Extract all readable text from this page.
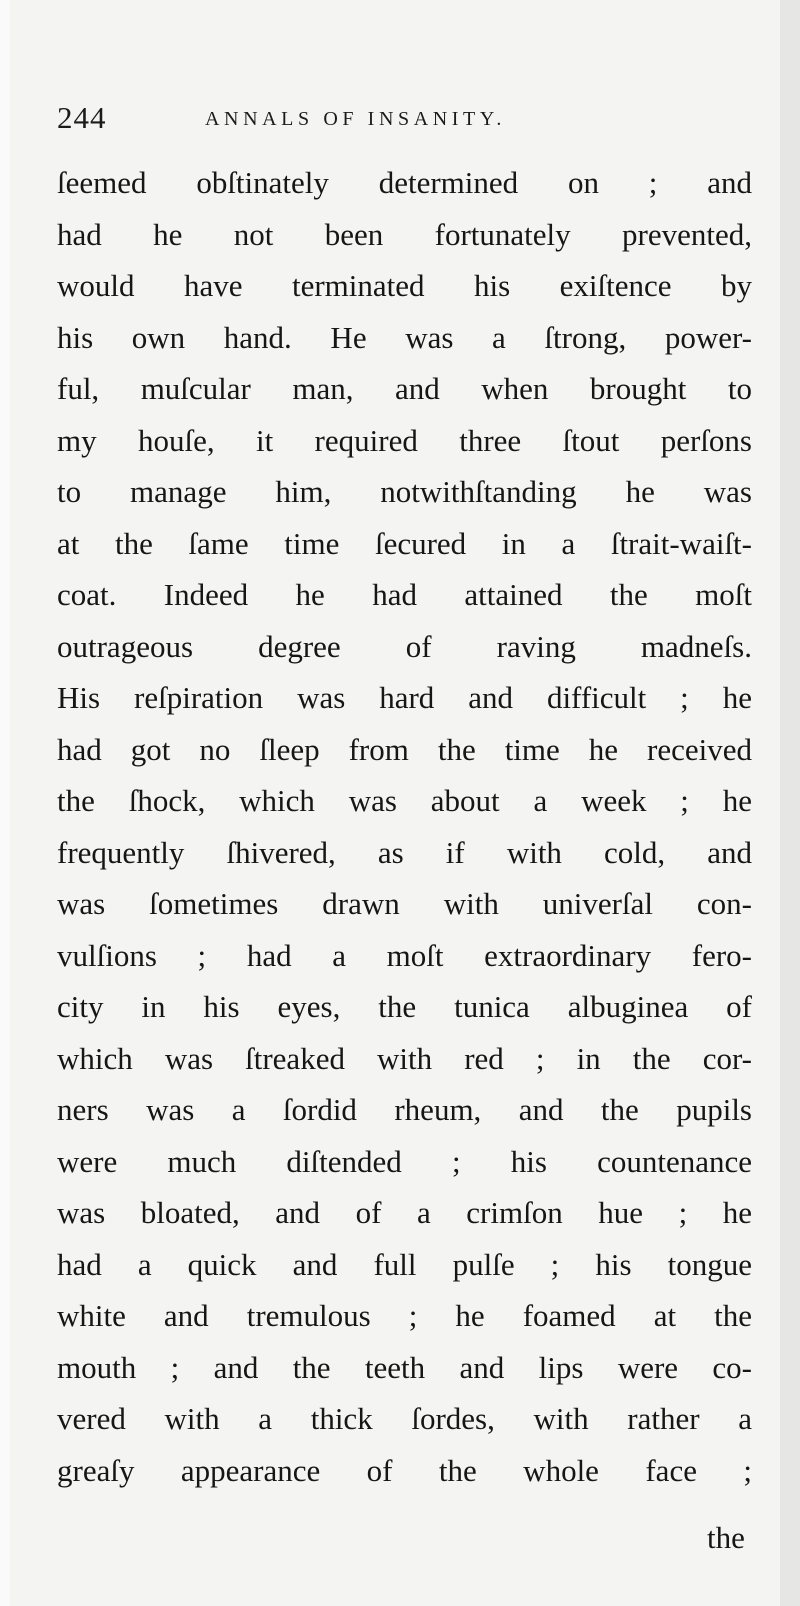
244	ANNALS OF INSANITY.
ſeemed obſtinately determined on ; and
had he not been fortunately prevented,
would have terminated his exiſtence by
his own hand. He was a ſtrong, power-
ful, muſcular man, and when brought to
my houſe, it required three ſtout perſons
to manage him, notwithſtanding he was
at the ſame time ſecured in a ſtrait-waiſt-
coat. Indeed he had attained the moſt
outrageous degree of raving madneſs.
His reſpiration was hard and difficult ; he
had got no ſleep from the time he received
the ſhock, which was about a week ; he
frequently ſhivered, as if with cold, and
was ſometimes drawn with univerſal con-
vulſions ; had a moſt extraordinary fero-
city in his eyes, the tunica albuginea of
which was ſtreaked with red ; in the cor-
ners was a ſordid rheum, and the pupils
were much diſtended ; his countenance
was bloated, and of a crimſon hue ; he
had a quick and full pulſe ; his tongue
white and tremulous ; he foamed at the
mouth ; and the teeth and lips were co-
vered with a thick ſordes, with rather a
greaſy appearance of the whole face ;
the
